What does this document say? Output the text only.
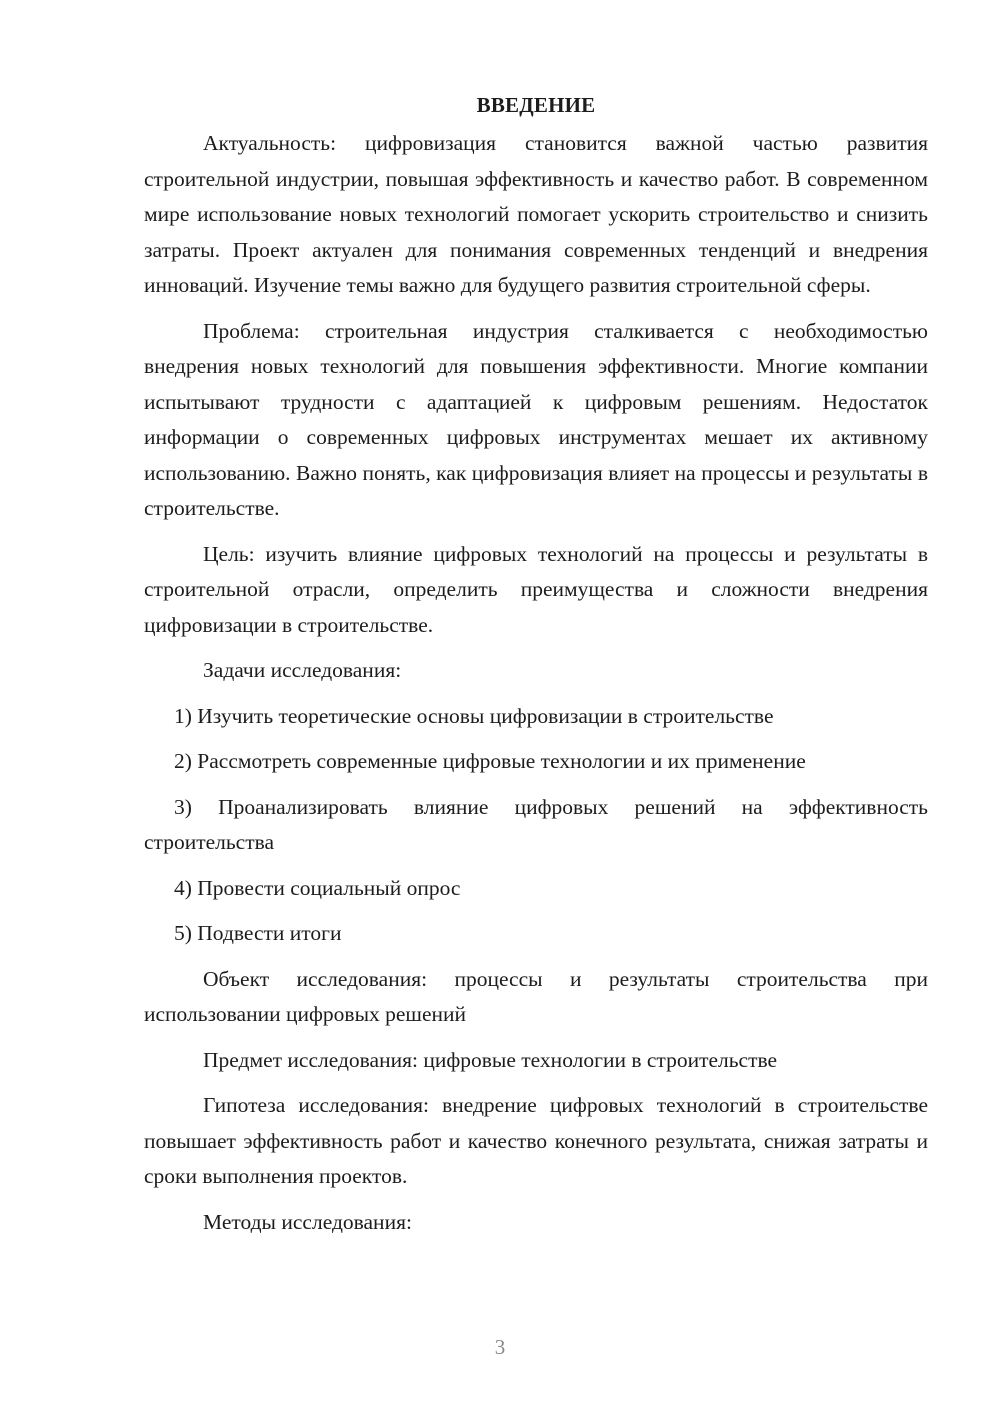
ВВЕДЕНИЕ

Актуальность: цифровизация становится важной частью развития строительной индустрии, повышая эффективность и качество работ. В современном мире использование новых технологий помогает ускорить строительство и снизить затраты. Проект актуален для понимания современных тенденций и внедрения инноваций. Изучение темы важно для будущего развития строительной сферы.

Проблема: строительная индустрия сталкивается с необходимостью внедрения новых технологий для повышения эффективности. Многие компании испытывают трудности с адаптацией к цифровым решениям. Недостаток информации о современных цифровых инструментах мешает их активному использованию. Важно понять, как цифровизация влияет на процессы и результаты в строительстве.

Цель: изучить влияние цифровых технологий на процессы и результаты в строительной отрасли, определить преимущества и сложности внедрения цифровизации в строительстве.

Задачи исследования:

1) Изучить теоретические основы цифровизации в строительстве

2) Рассмотреть современные цифровые технологии и их применение

3) Проанализировать влияние цифровых решений на эффективность строительства

4) Провести социальный опрос

5) Подвести итоги

Объект исследования: процессы и результаты строительства при использовании цифровых решений

Предмет исследования: цифровые технологии в строительстве

Гипотеза исследования: внедрение цифровых технологий в строительстве повышает эффективность работ и качество конечного результата, снижая затраты и сроки выполнения проектов.

Методы исследования:

3
